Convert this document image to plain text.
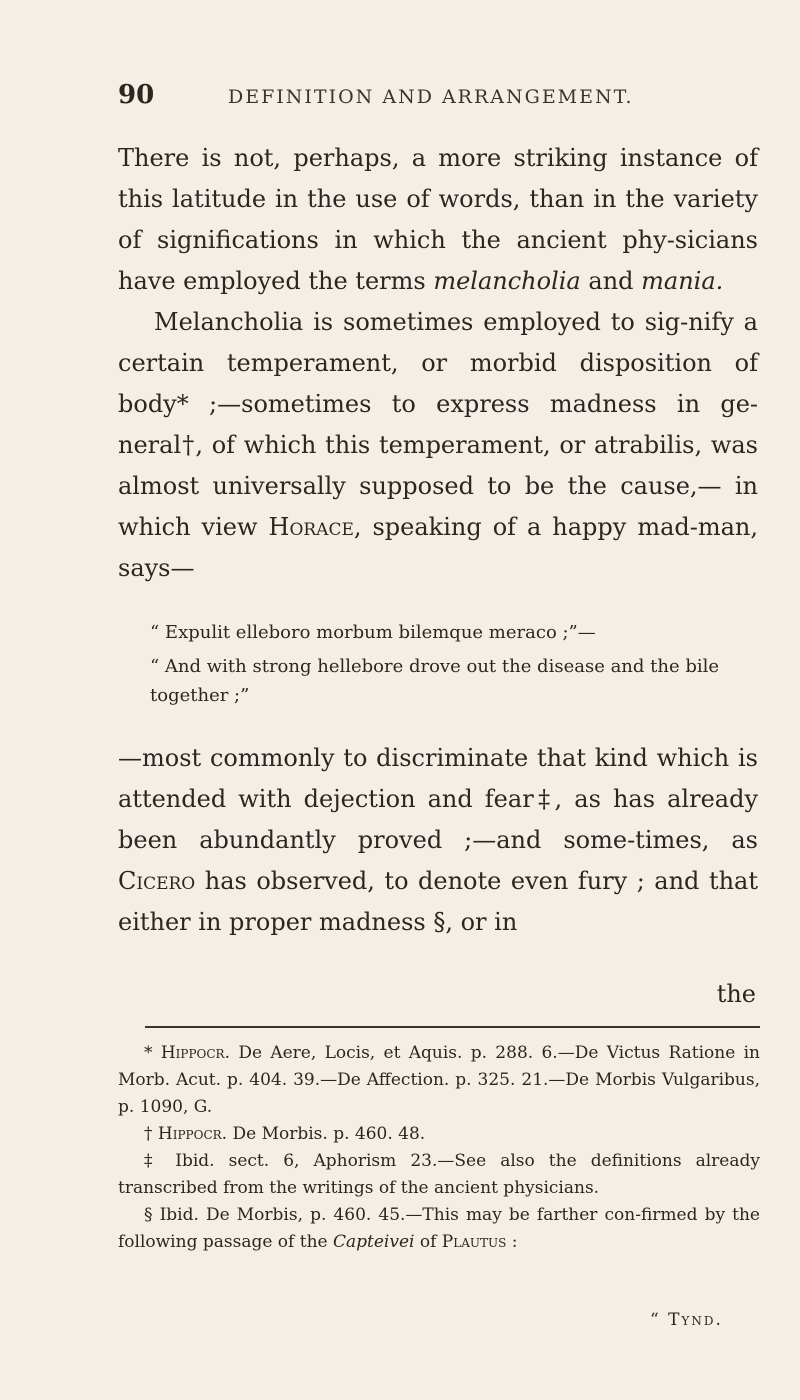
90	DEFINITION AND ARRANGEMENT.

There is not, perhaps, a more striking instance of this latitude in the use of words, than in the variety of significations in which the ancient phy-sicians have employed the terms melancholia and mania.

Melancholia is sometimes employed to sig-nify a certain temperament, or morbid disposition of body* ;—sometimes to express madness in ge-neral†, of which this temperament, or atrabilis, was almost universally supposed to be the cause,— in which view Horace, speaking of a happy mad-man, says—

“ Expulit elleboro morbum bilemque meraco ;”—

“ And with strong hellebore drove out the disease and the bile together ;”

—most commonly to discriminate that kind which is attended with dejection and fear‡, as has already been abundantly proved ;—and some-times, as Cicero has observed, to denote even fury ; and that either in proper madness §, or in

the

* Hippocr. De Aere, Locis, et Aquis. p. 288. 6.—De Victus Ratione in Morb. Acut. p. 404. 39.—De Affection. p. 325. 21.—De Morbis Vulgaribus, p. 1090, G.

† Hippocr. De Morbis. p. 460. 48.

‡ Ibid. sect. 6, Aphorism 23.—See also the definitions already transcribed from the writings of the ancient physicians.

§ Ibid. De Morbis, p. 460. 45.—This may be farther con-firmed by the following passage of the Capteivei of Plautus :

“ Tynd.
